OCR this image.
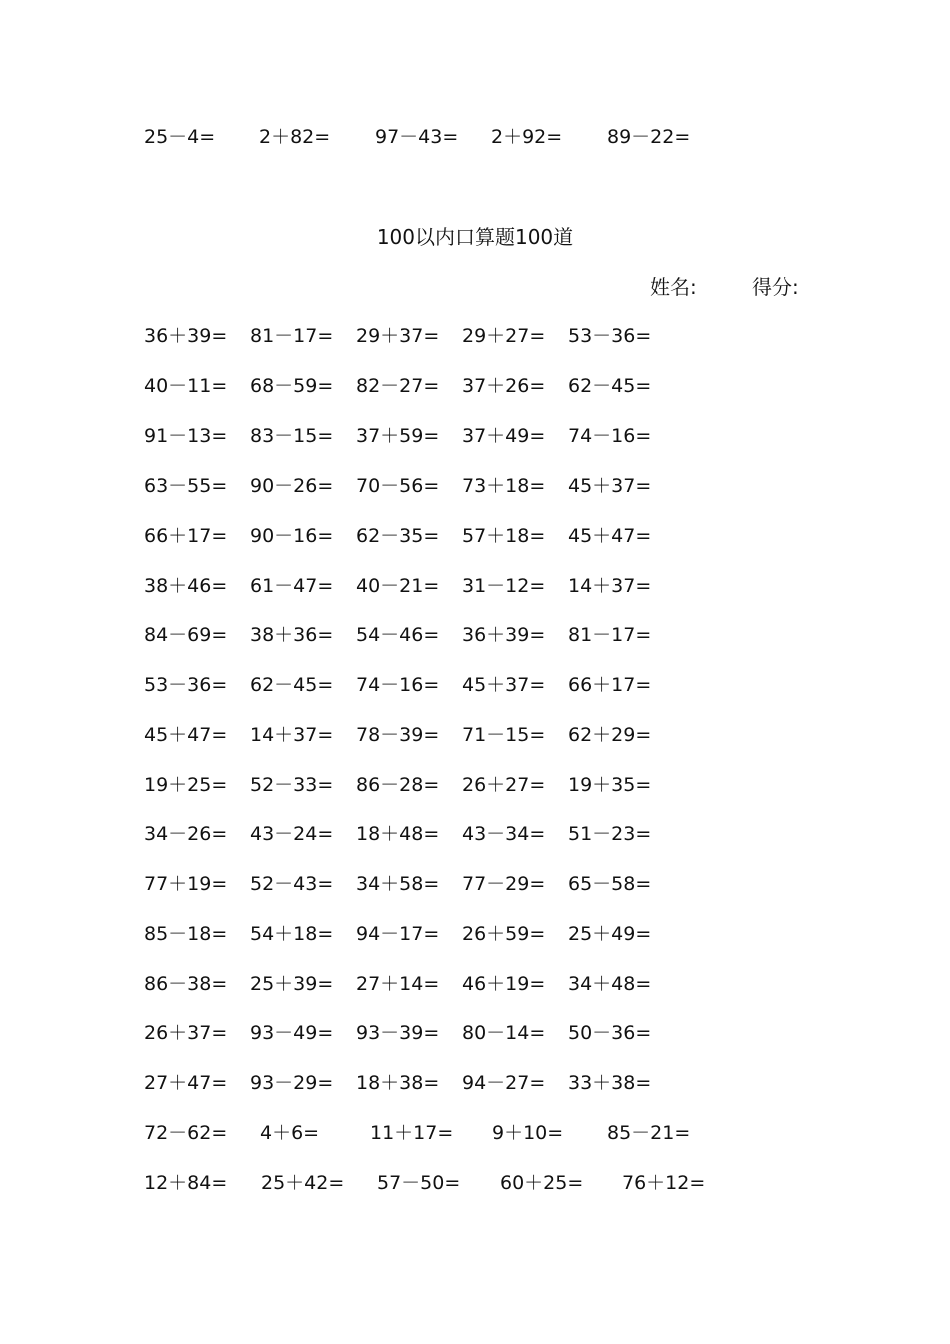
25－4= 2＋82= 97－43= 2＋92= 89－22=
100以内口算题100道
姓名:	得分:
36＋39= 81－17= 29＋37= 29＋27= 53－36=
40－11= 68－59= 82－27= 37＋26= 62－45=
91－13= 83－15= 37＋59= 37＋49= 74－16=
63－55= 90－26= 70－56= 73＋18= 45＋37=
66＋17= 90－16= 62－35= 57＋18= 45＋47=
38＋46= 61－47= 40－21= 31－12= 14＋37=
84－69= 38＋36= 54－46= 36＋39= 81－17=
53－36= 62－45= 74－16= 45＋37= 66＋17=
45＋47= 14＋37= 78－39= 71－15= 62＋29=
19＋25= 52－33= 86－28= 26＋27= 19＋35=
34－26= 43－24= 18＋48= 43－34= 51－23=
77＋19= 52－43= 34＋58= 77－29= 65－58=
85－18= 54＋18= 94－17= 26＋59= 25＋49=
86－38= 25＋39= 27＋14= 46＋19= 34＋48=
26＋37= 93－49= 93－39= 80－14= 50－36=
27＋47= 93－29= 18＋38= 94－27= 33＋38=
72－62= 4＋6=	11＋17= 9＋10= 85－21=
12＋84= 25＋42= 57－50= 60＋25= 76＋12=
